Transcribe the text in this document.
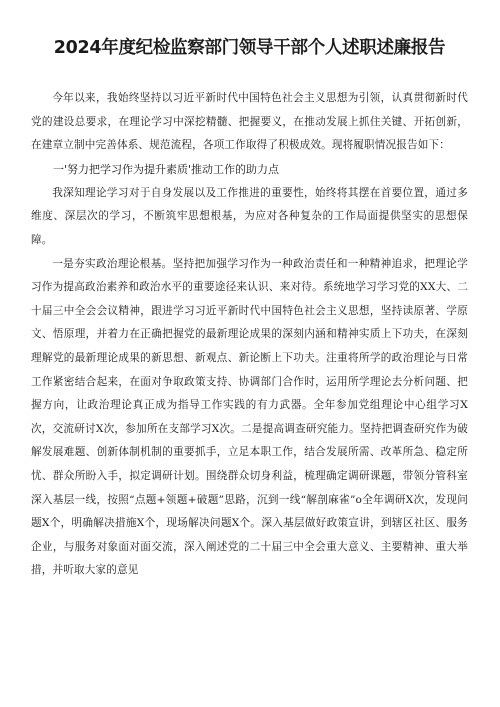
2024年度纪检监察部门领导干部个人述职述廉报告

今年以来，我始终坚持以习近平新时代中国特色社会主义思想为引领，认真贯彻新时代党的建设总要求，在理论学习中深挖精髓、把握要义，在推动发展上抓住关键、开拓创新，在建章立制中完善体系、规范流程，各项工作取得了积极成效。现将履职情况报告如下：

一'努力把学习作为提升素质'推动工作的助力点

我深知理论学习对于自身发展以及工作推进的重要性，始终将其摆在首要位置，通过多维度、深层次的学习，不断筑牢思想根基，为应对各种复杂的工作局面提供坚实的思想保障。

一是夯实政治理论根基。坚持把加强学习作为一种政治责任和一种精神追求，把理论学习作为提高政治素养和政治水平的重要途径来认识、来对待。系统地学习学习党的XX大、二十届三中全会会议精神，跟进学习习近平新时代中国特色社会主义思想，坚持读原著、学原文、悟原理，并着力在正确把握党的最新理论成果的深刻内涵和精神实质上下功夫，在深刻理解党的最新理论成果的新思想、新观点、新论断上下功夫。注重将所学的政治理论与日常工作紧密结合起来，在面对争取政策支持、协调部门合作时，运用所学理论去分析问题、把握方向，让政治理论真正成为指导工作实践的有力武器。全年参加党组理论中心组学习X次，交流研讨X次，参加所在支部学习X次。二是提高调查研究能力。坚持把调查研究作为破解发展难题、创新体制机制的重要抓手，立足本职工作，结合发展所需、改革所急、稳定所忧、群众所盼入手，拟定调研计划。围绕群众切身利益，梳理确定调研课题，带领分管科室深入基层一线，按照“点题+领题+破题”思路，沉到一线“解剖麻雀”o全年调研X次，发现问题X个，明确解决措施X个，现场解决问题X个。深入基层做好政策宣讲，到辖区社区、服务企业，与服务对象面对面交流，深入阐述党的二十届三中全会重大意义、主要精神、重大举措，并听取大家的意见
